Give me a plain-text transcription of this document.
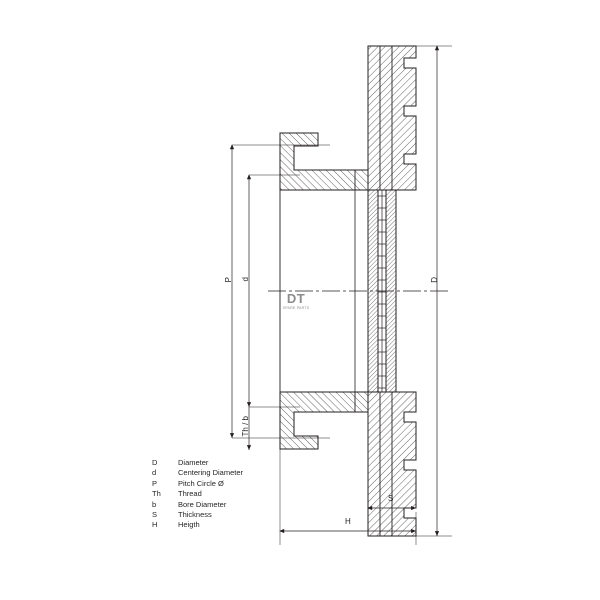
DT
SPARE PARTS
P d	D
Th / b
S
H
D	Diameter
d	Centering Diameter
P	Pitch Circle Ø
Th	Thread
b	Bore Diameter
S	Thickness
H	Heigth
